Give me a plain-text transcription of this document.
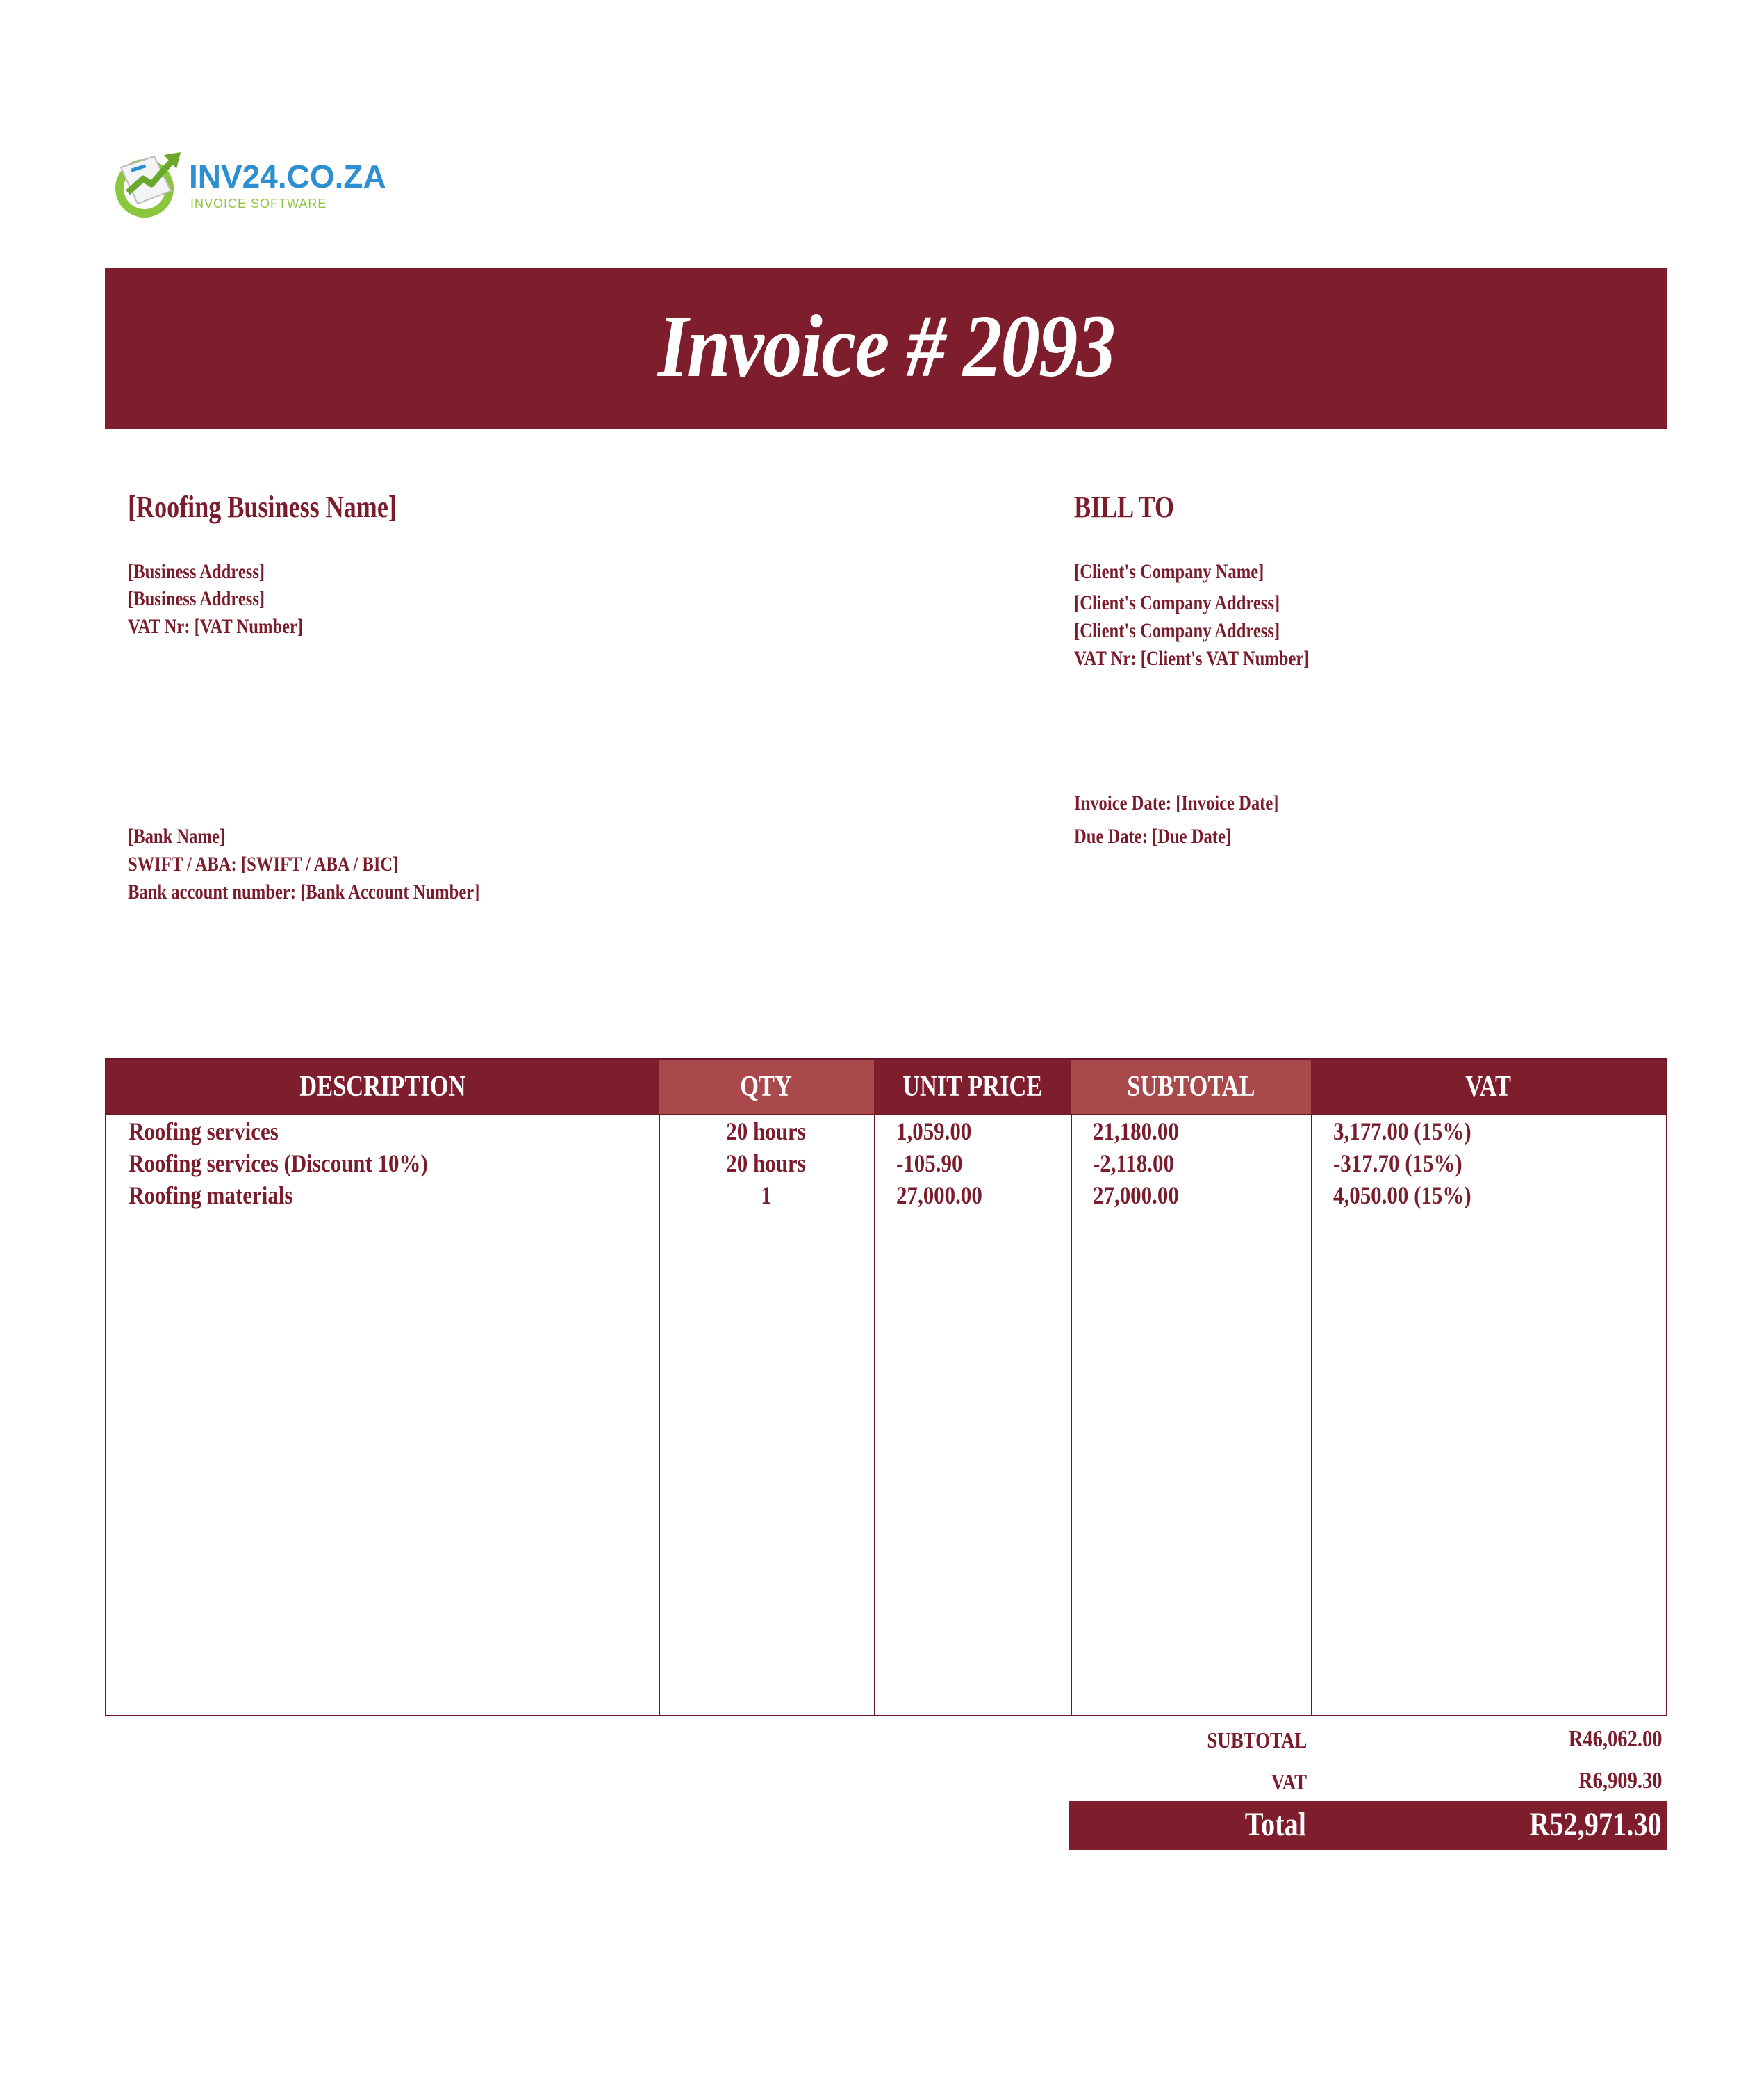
INV24.CO.ZA
INVOICE SOFTWARE
Invoice # 2093
[Roofing Business Name]
[Business Address]
[Business Address]
VAT Nr: [VAT Number]
[Bank Name]
SWIFT / ABA: [SWIFT / ABA / BIC]
Bank account number: [Bank Account Number]
BILL TO
[Client's Company Name]
[Client's Company Address]
[Client's Company Address]
VAT Nr: [Client's VAT Number]
Invoice Date: [Invoice Date]
Due Date: [Due Date]
DESCRIPTION	QTY	UNIT PRICE	SUBTOTAL	VAT
Roofing services	20 hours	1,059.00	21,180.00	3,177.00 (15%)
Roofing services (Discount 10%)	20 hours	-105.90	-2,118.00	-317.70 (15%)
Roofing materials	1	27,000.00	27,000.00	4,050.00 (15%)
SUBTOTAL	R46,062.00
VAT	R6,909.30
Total	R52,971.30
